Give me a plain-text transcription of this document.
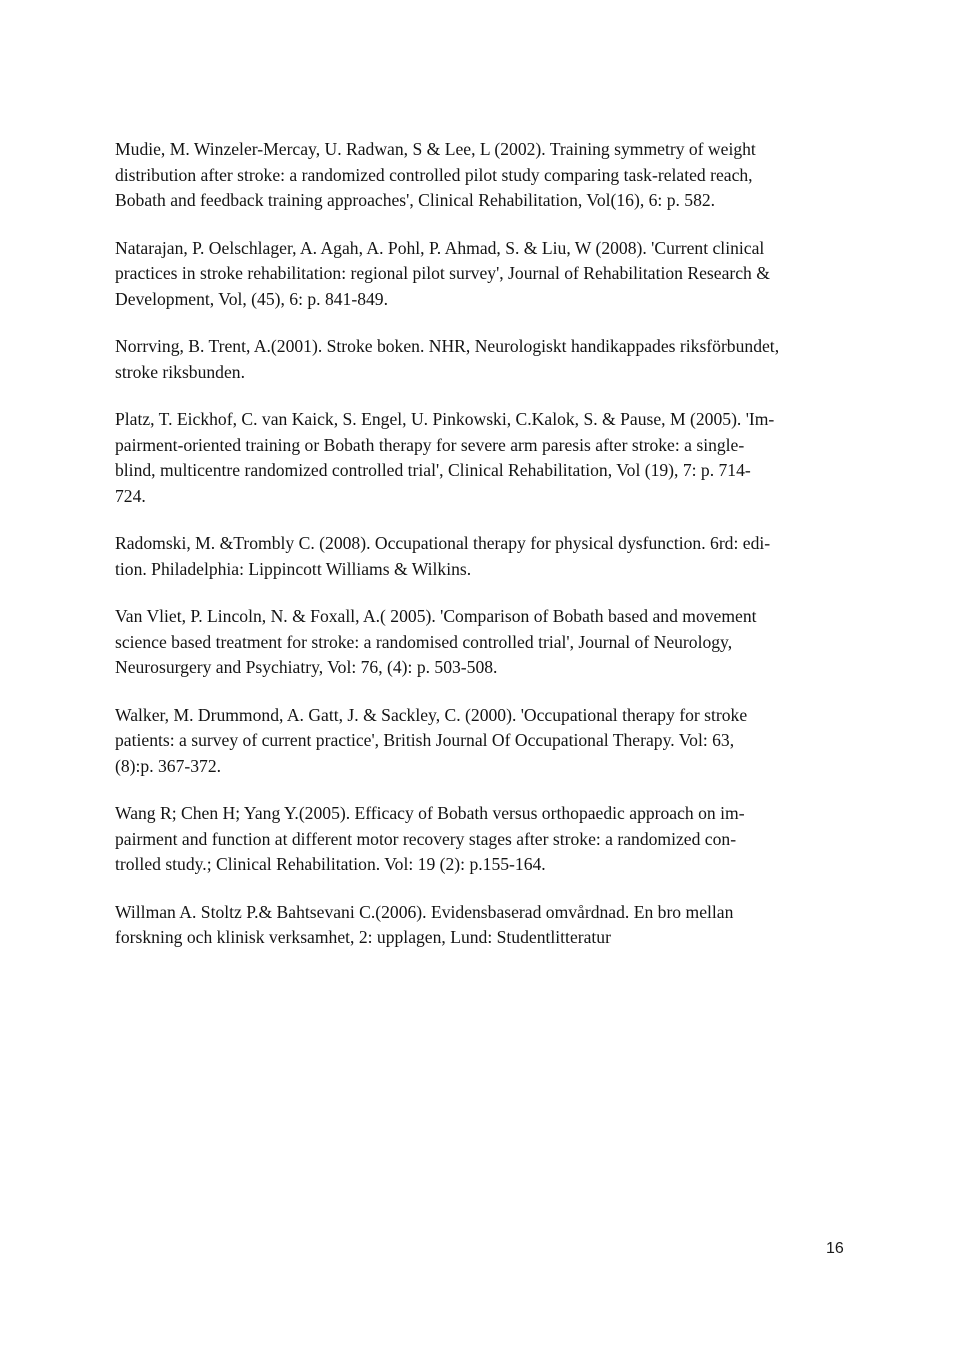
Mudie, M. Winzeler-Mercay, U. Radwan, S & Lee, L (2002). Training symmetry of weight
distribution after stroke: a randomized controlled pilot study comparing task-related reach,
Bobath and feedback training approaches', Clinical Rehabilitation, Vol(16), 6: p. 582.

Natarajan, P. Oelschlager, A. Agah, A. Pohl, P. Ahmad, S. & Liu, W (2008). 'Current clinical
practices in stroke rehabilitation: regional pilot survey', Journal of Rehabilitation Research &
Development, Vol, (45), 6: p. 841-849.

Norrving, B. Trent, A.(2001). Stroke boken. NHR, Neurologiskt handikappades riksförbundet,
stroke riksbunden.

Platz, T. Eickhof, C. van Kaick, S. Engel, U. Pinkowski, C.Kalok, S. & Pause, M (2005). 'Im-
pairment-oriented training or Bobath therapy for severe arm paresis after stroke: a single-
blind, multicentre randomized controlled trial', Clinical Rehabilitation, Vol (19), 7: p. 714-
724.

Radomski, M. &Trombly C. (2008). Occupational therapy for physical dysfunction. 6rd: edi-
tion. Philadelphia: Lippincott Williams & Wilkins.

Van Vliet, P. Lincoln, N. & Foxall, A.( 2005). 'Comparison of Bobath based and movement
science based treatment for stroke: a randomised controlled trial', Journal of Neurology,
Neurosurgery and Psychiatry, Vol: 76, (4): p. 503-508.

Walker, M. Drummond, A. Gatt, J. & Sackley, C. (2000). 'Occupational therapy for stroke
patients: a survey of current practice', British Journal Of Occupational Therapy. Vol: 63,
(8):p. 367-372.

Wang R; Chen H; Yang Y.(2005). Efficacy of Bobath versus orthopaedic approach on im-
pairment and function at different motor recovery stages after stroke: a randomized con-
trolled study.; Clinical Rehabilitation. Vol: 19 (2): p.155-164.

Willman A. Stoltz P.& Bahtsevani C.(2006). Evidensbaserad omvårdnad. En bro mellan
forskning och klinisk verksamhet, 2: upplagen, Lund: Studentlitteratur

16
